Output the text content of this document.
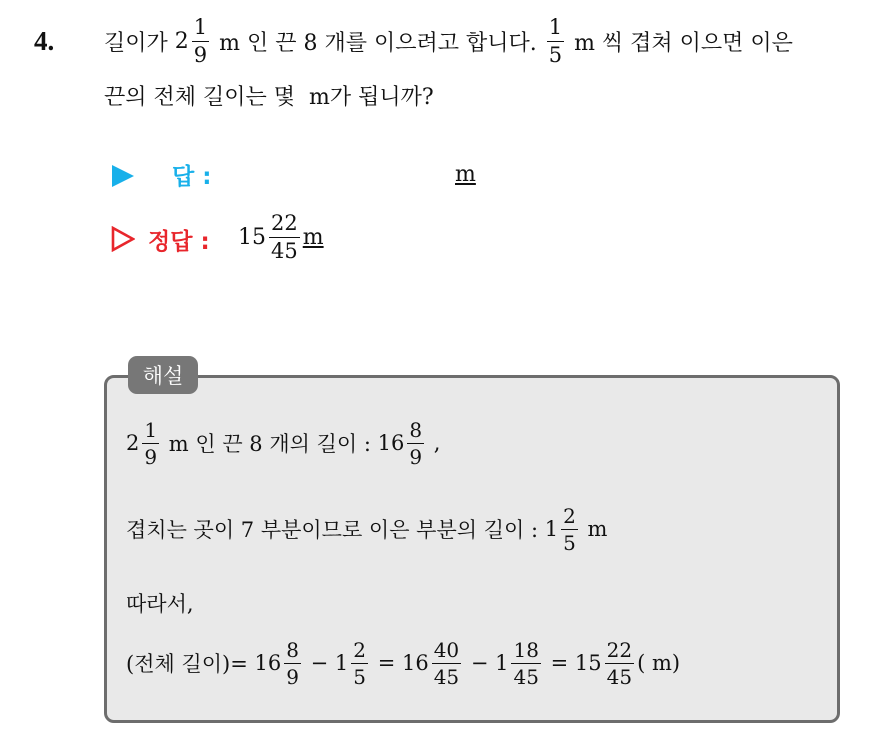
4. 길이가 $2 \frac{1}{9}$ m 인 끈 8 개를 이으려고 합니다. $\frac{1}{5}$ m 씩 겹쳐 이으면 이은
끈의 전체 길이는 몇  m가 됩니까?
답 :	m
정답 : $15 \frac{22}{45}$ m
해설
$2 \frac{1}{9}$ m 인 끈 8 개의 길이 : $16 \frac{8}{9}$ ,
겹치는 곳이 7 부분이므로 이은 부분의 길이 : $1 \frac{2}{5}$ m
따라서,
(전체 길이)= $16 \frac{8}{9} - 1 \frac{2}{5} = 16 \frac{40}{45} - 1 \frac{18}{45} = 15 \frac{22}{45}$ ( m)
